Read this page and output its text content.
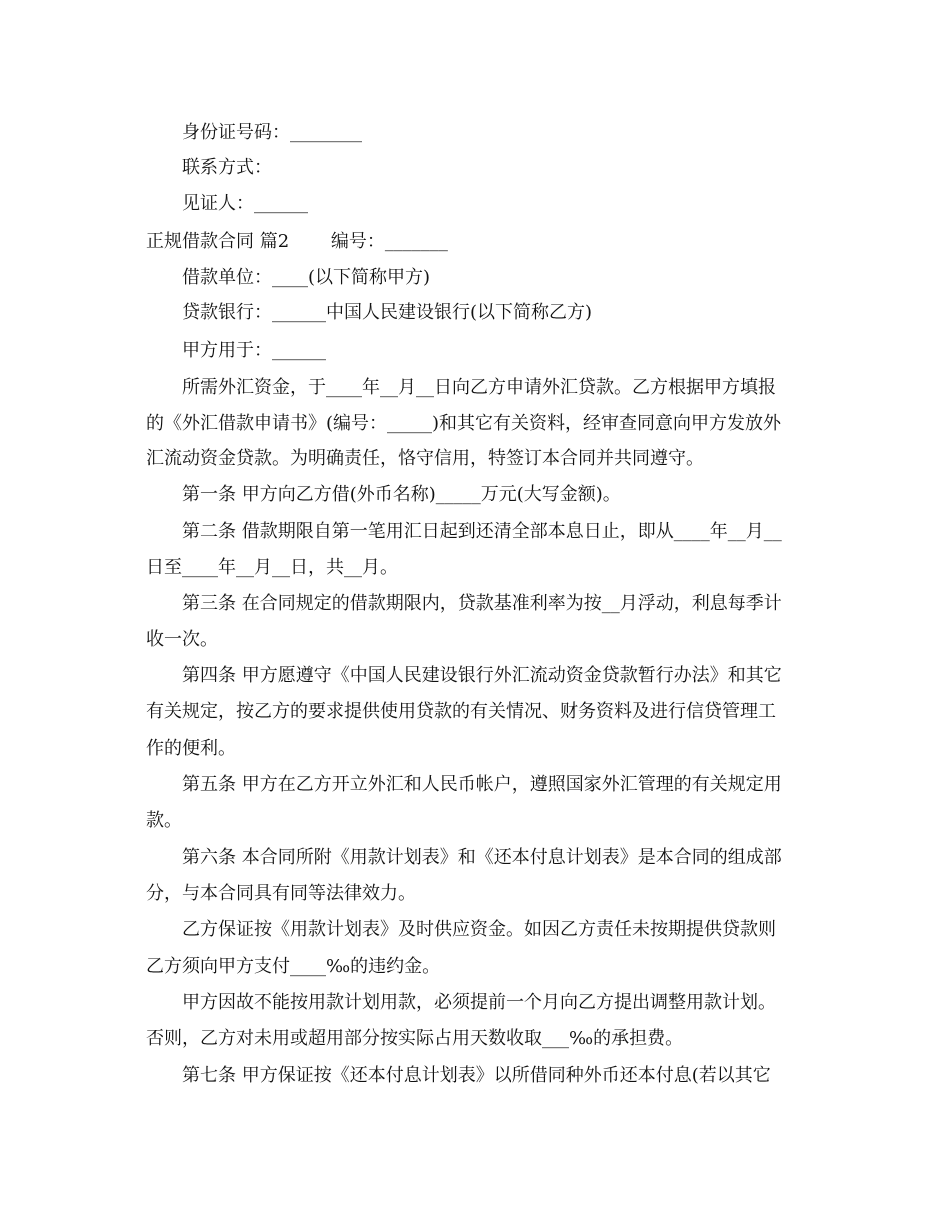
身份证号码：________
联系方式：
见证人：______
正规借款合同 篇2　　 编号：_______
借款单位：____(以下简称甲方)
贷款银行：______中国人民建设银行(以下简称乙方)
甲方用于：______
所需外汇资金，于____年__月__日向乙方申请外汇贷款。乙方根据甲方填报
的《外汇借款申请书》(编号：_____)和其它有关资料，经审查同意向甲方发放外
汇流动资金贷款。为明确责任，恪守信用，特签订本合同并共同遵守。
第一条 甲方向乙方借(外币名称)_____万元(大写金额)。
第二条 借款期限自第一笔用汇日起到还清全部本息日止，即从____年__月__
日至____年__月__日，共__月。
第三条 在合同规定的借款期限内，贷款基准利率为按__月浮动，利息每季计
收一次。
第四条 甲方愿遵守《中国人民建设银行外汇流动资金贷款暂行办法》和其它
有关规定，按乙方的要求提供使用贷款的有关情况、财务资料及进行信贷管理工
作的便利。
第五条 甲方在乙方开立外汇和人民币帐户，遵照国家外汇管理的有关规定用
款。
第六条 本合同所附《用款计划表》和《还本付息计划表》是本合同的组成部
分，与本合同具有同等法律效力。
乙方保证按《用款计划表》及时供应资金。如因乙方责任未按期提供贷款则
乙方须向甲方支付____‰的违约金。
甲方因故不能按用款计划用款，必须提前一个月向乙方提出调整用款计划。
否则，乙方对未用或超用部分按实际占用天数收取___‰的承担费。
第七条 甲方保证按《还本付息计划表》以所借同种外币还本付息(若以其它
